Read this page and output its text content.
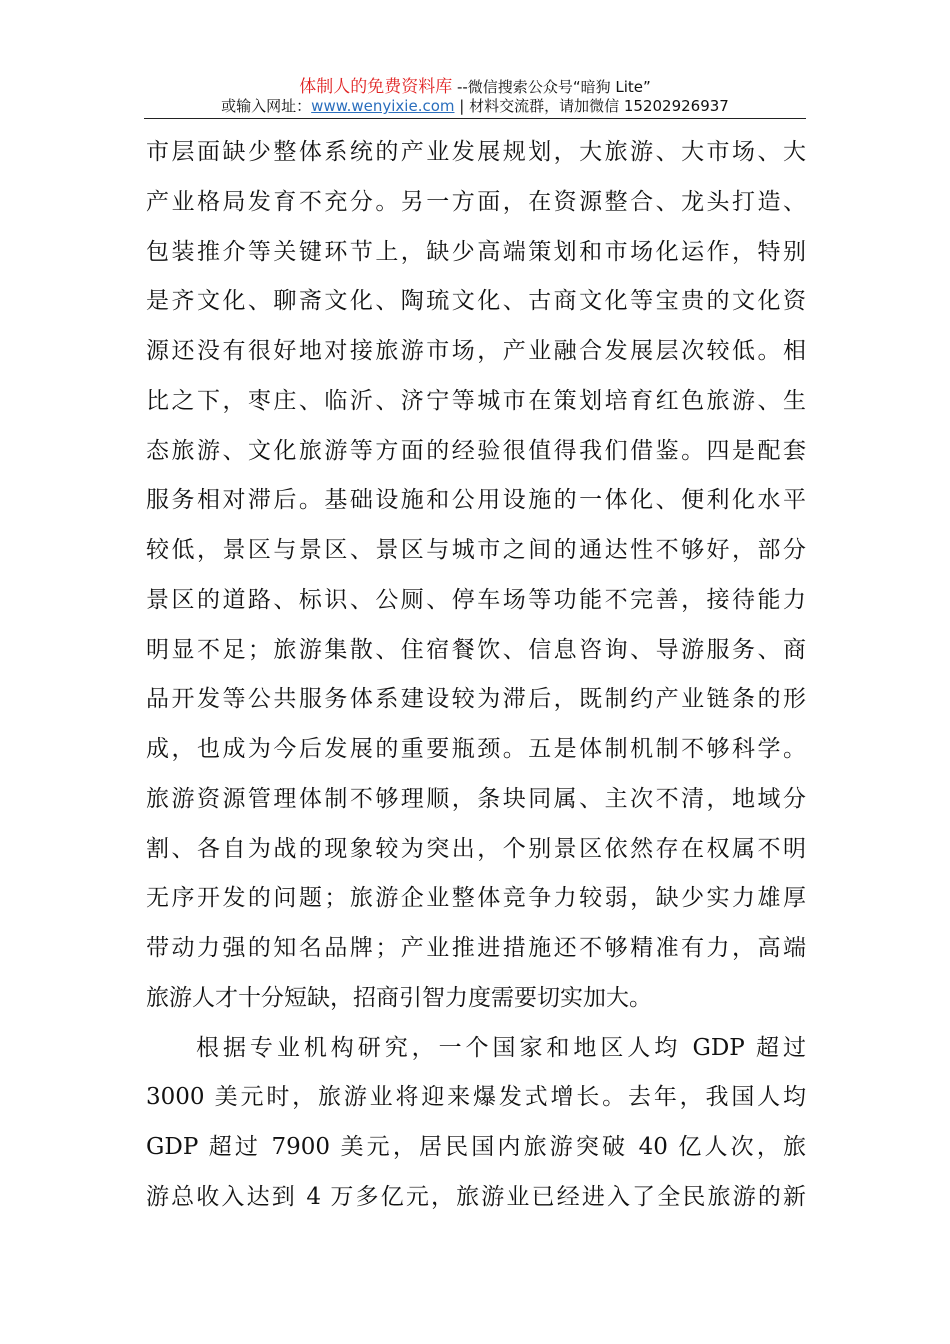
体制人的免费资料库 --微信搜索公众号“暗狗 Lite”
或输入网址：www.wenyixie.com | 材料交流群，请加微信 15202926937
市层面缺少整体系统的产业发展规划，大旅游、大市场、大
产业格局发育不充分。另一方面，在资源整合、龙头打造、
包装推介等关键环节上，缺少高端策划和市场化运作，特别
是齐文化、聊斋文化、陶琉文化、古商文化等宝贵的文化资
源还没有很好地对接旅游市场，产业融合发展层次较低。相
比之下，枣庄、临沂、济宁等城市在策划培育红色旅游、生
态旅游、文化旅游等方面的经验很值得我们借鉴。四是配套
服务相对滞后。基础设施和公用设施的一体化、便利化水平
较低，景区与景区、景区与城市之间的通达性不够好，部分
景区的道路、标识、公厕、停车场等功能不完善，接待能力
明显不足；旅游集散、住宿餐饮、信息咨询、导游服务、商
品开发等公共服务体系建设较为滞后，既制约产业链条的形
成，也成为今后发展的重要瓶颈。五是体制机制不够科学。
旅游资源管理体制不够理顺，条块同属、主次不清，地域分
割、各自为战的现象较为突出，个别景区依然存在权属不明
无序开发的问题；旅游企业整体竞争力较弱，缺少实力雄厚
带动力强的知名品牌；产业推进措施还不够精准有力，高端
旅游人才十分短缺，招商引智力度需要切实加大。
根据专业机构研究，一个国家和地区人均 GDP 超过
3000 美元时，旅游业将迎来爆发式增长。去年，我国人均
GDP 超过 7900 美元，居民国内旅游突破 40 亿人次，旅
游总收入达到 4 万多亿元，旅游业已经进入了全民旅游的新
